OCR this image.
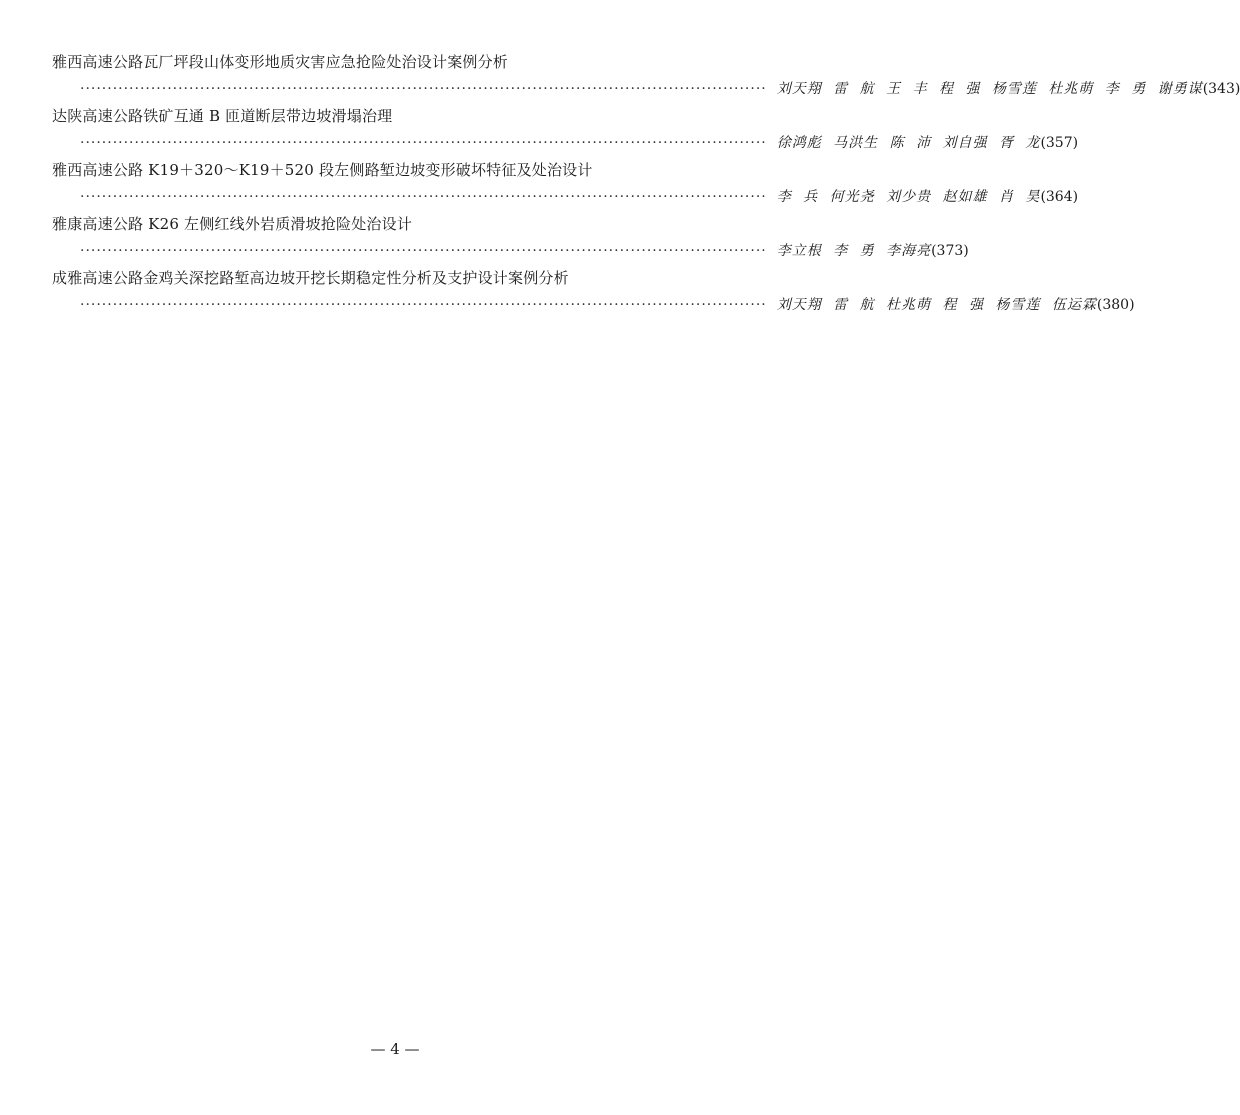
雅西高速公路瓦厂坪段山体变形地质灾害应急抢险处治设计案例分析
······························································································································ 刘天翔 雷 航 王 丰 程 强 杨雪莲 杜兆萌 李 勇 谢勇谋 (343)
达陕高速公路铁矿互通 B 匝道断层带边坡滑塌治理
······························································································································ 徐鸿彪 马洪生 陈 沛 刘自强 胥 龙 (357)
雅西高速公路 K19＋320～K19＋520 段左侧路堑边坡变形破坏特征及处治设计
······························································································································ 李 兵 何光尧 刘少贵 赵如雄 肖 昊 (364)
雅康高速公路 K26 左侧红线外岩质滑坡抢险处治设计
······························································································································ 李立根 李 勇 李海亮 (373)
成雅高速公路金鸡关深挖路堑高边坡开挖长期稳定性分析及支护设计案例分析
······························································································································ 刘天翔 雷 航 杜兆萌 程 强 杨雪莲 伍运霖 (380)
— 4 —
